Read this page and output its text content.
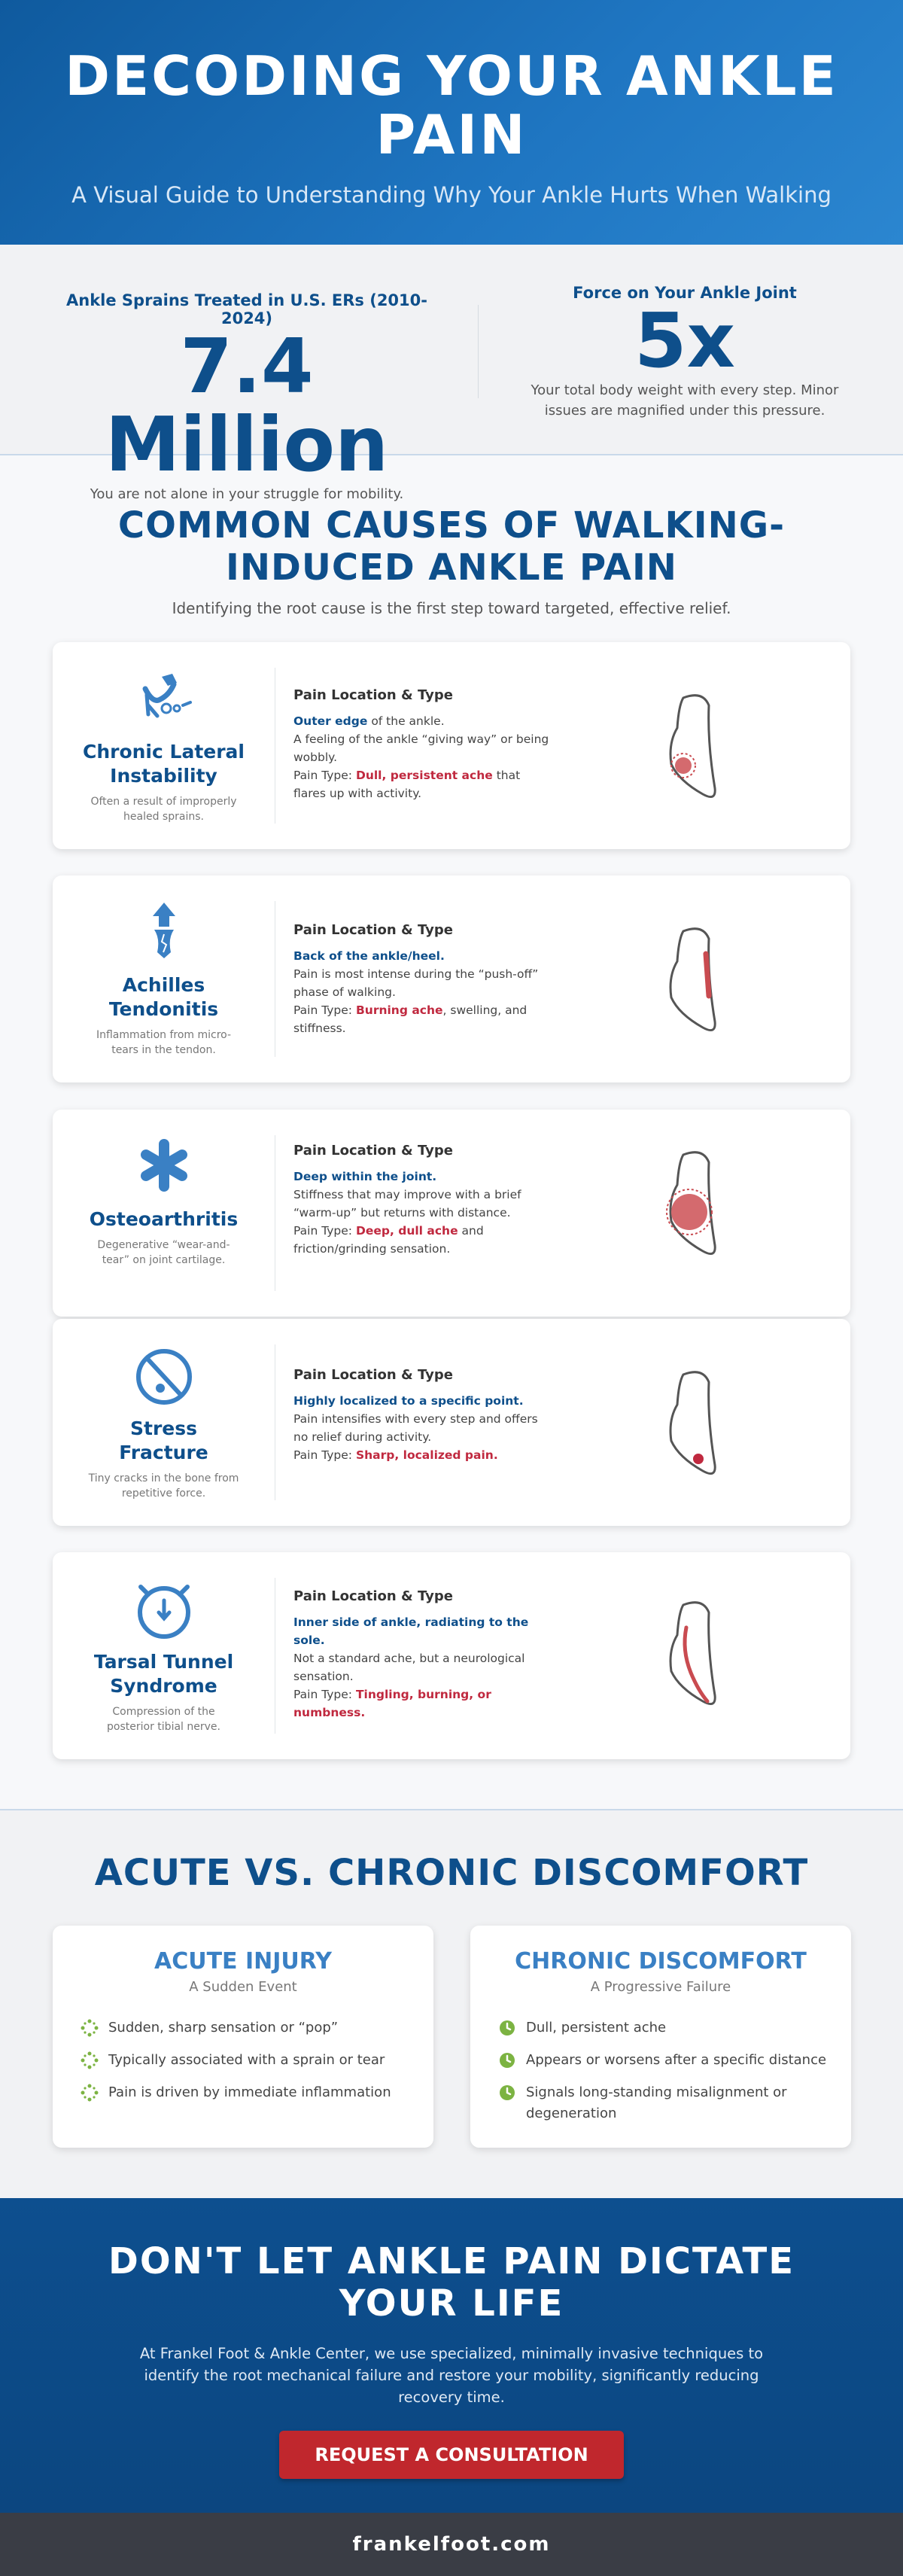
DECODING YOUR ANKLE PAIN
A Visual Guide to Understanding Why Your Ankle Hurts When Walking
Ankle Sprains Treated in U.S. ERs (2010-2024)
7.4 Million
You are not alone in your struggle for mobility.
Force on Your Ankle Joint
5x
Your total body weight with every step. Minor issues are magnified under this pressure.
COMMON CAUSES OF WALKING-INDUCED ANKLE PAIN
Identifying the root cause is the first step toward targeted, effective relief.
Chronic Lateral Instability
Often a result of improperly healed sprains.
Pain Location & Type
Outer edge of the ankle.
A feeling of the ankle “giving way” or being wobbly.
Pain Type: Dull, persistent ache that flares up with activity.
Achilles Tendonitis
Inflammation from micro-tears in the tendon.
Pain Location & Type
Back of the ankle/heel.
Pain is most intense during the “push-off” phase of walking.
Pain Type: Burning ache, swelling, and stiffness.
Osteoarthritis
Degenerative “wear-and-tear” on joint cartilage.
Pain Location & Type
Deep within the joint.
Stiffness that may improve with a brief “warm-up” but returns with distance.
Pain Type: Deep, dull ache and friction/grinding sensation.
Stress Fracture
Tiny cracks in the bone from repetitive force.
Pain Location & Type
Highly localized to a specific point.
Pain intensifies with every step and offers no relief during activity.
Pain Type: Sharp, localized pain.
Tarsal Tunnel Syndrome
Compression of the posterior tibial nerve.
Pain Location & Type
Inner side of ankle, radiating to the sole.
Not a standard ache, but a neurological sensation.
Pain Type: Tingling, burning, or numbness.
ACUTE VS. CHRONIC DISCOMFORT
ACUTE INJURY
A Sudden Event
Sudden, sharp sensation or “pop”
Typically associated with a sprain or tear
Pain is driven by immediate inflammation
CHRONIC DISCOMFORT
A Progressive Failure
Dull, persistent ache
Appears or worsens after a specific distance
Signals long-standing misalignment or degeneration
DON'T LET ANKLE PAIN DICTATE YOUR LIFE

At Frankel Foot & Ankle Center, we use specialized, minimally invasive techniques to identify the root mechanical failure and restore your mobility, significantly reducing recovery time.

REQUEST A CONSULTATION
frankelfoot.com
